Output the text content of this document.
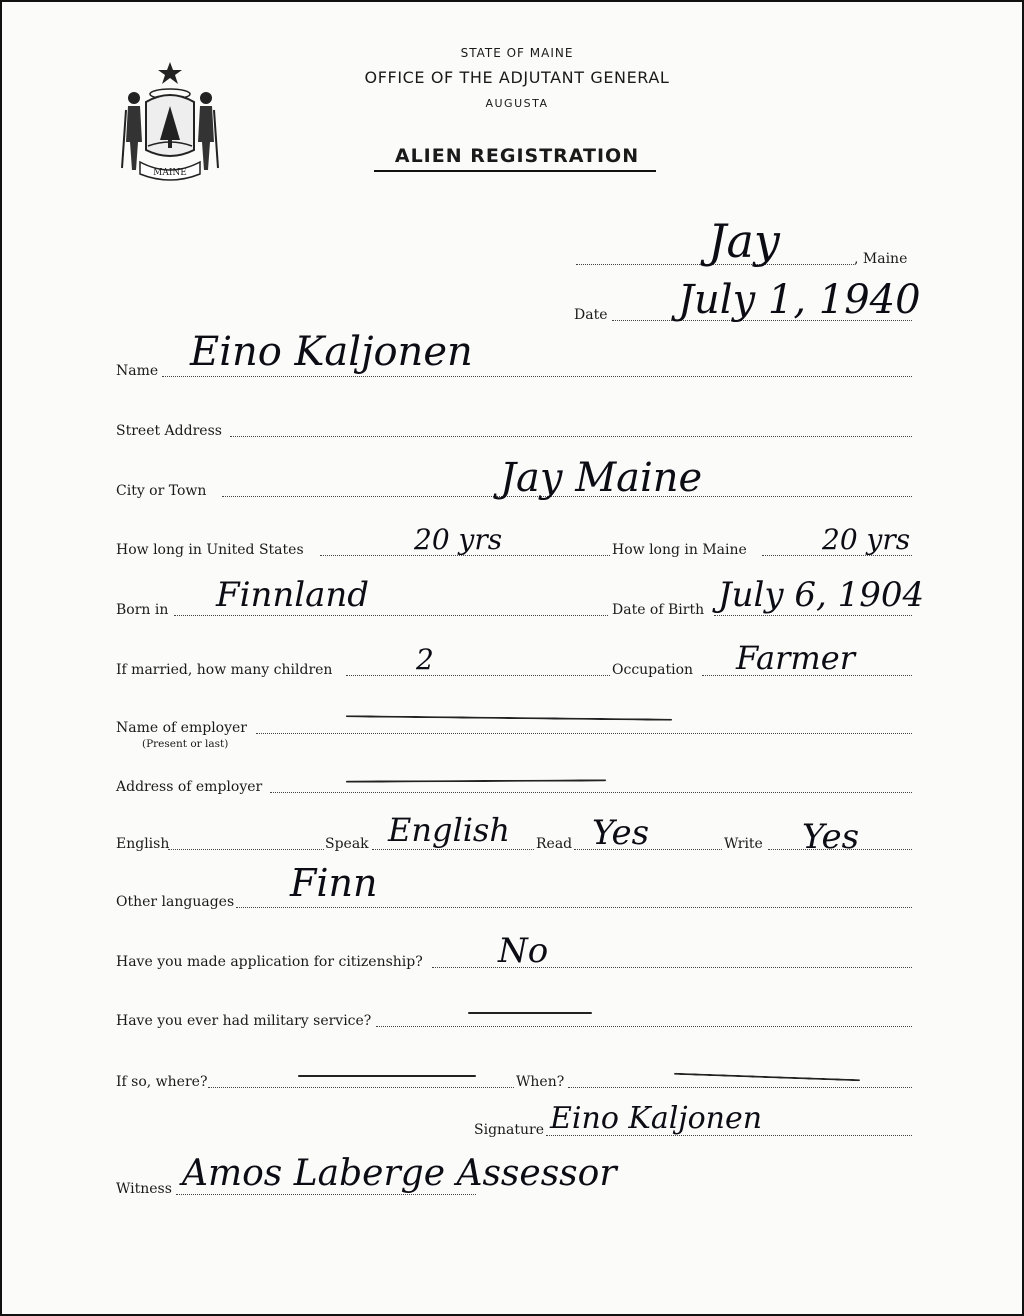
MAINE
STATE OF MAINE
OFFICE OF THE ADJUTANT GENERAL
AUGUSTA
ALIEN REGISTRATION
, Maine
Jay
Date July 1, 1940
Name Eino Kaljonen
Street Address
City or Town	Jay Maine
How long in United States	20 yrs	How long in Maine	20 yrs
Born in Finnland	Date of Birth July 6, 1904
If married, how many children	2	Occupation Farmer
Name of employer
(Present or last)
Address of employer
English	Speak English Read Yes	Write Yes
Other languages Finn
Have you made application for citizenship? No
Have you ever had military service?
If so, where?	When?
Signature Eino Kaljonen
Witness Amos Laberge Assessor
